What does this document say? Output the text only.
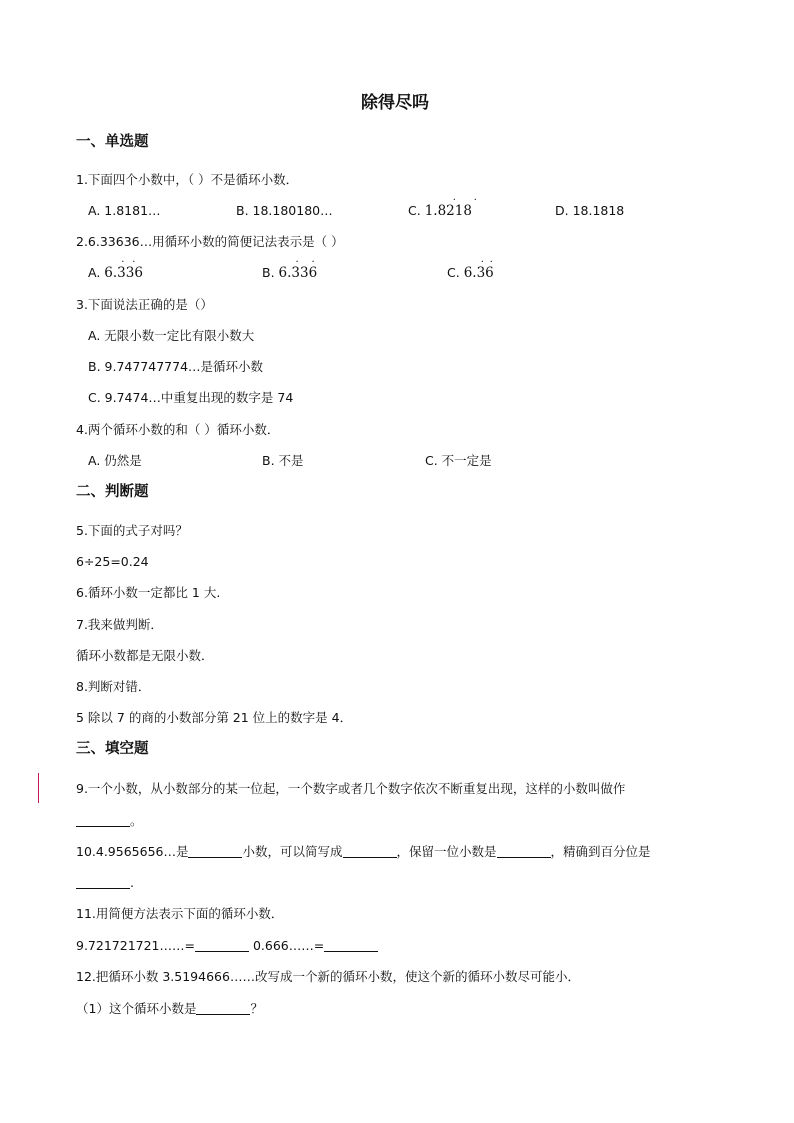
除得尽吗
一、单选题
1.下面四个小数中，（ ）不是循环小数．
A. 1.8181…	B. 18.180180…	C.
· ·
1.8218	D. 18.1818
2.6.33636…用循环小数的简便记法表示是（ ）
A.
· ·
6.336	B.
· ·
6.336	C.
· ·
6.36
3.下面说法正确的是（）
A. 无限小数一定比有限小数大
B. 9.747747774…是循环小数
C. 9.7474…中重复出现的数字是 74
4.两个循环小数的和（ ）循环小数．
A. 仍然是	B. 不是	C. 不一定是
二、判断题
5.下面的式子对吗？
6÷25=0.24
6.循环小数一定都比 1 大.
7.我来做判断．
循环小数都是无限小数．
8.判断对错．
5 除以 7 的商的小数部分第 21 位上的数字是 4．
三、填空题
9.一个小数，从小数部分的某一位起，一个数字或者几个数字依次不断重复出现，这样的小数叫做作
。
10.4.9565656…是	小数，可以简写成	，保留一位小数是	，精确到百分位是
.
11.用简便方法表示下面的循环小数．
9.721721721……=	0.666……=
12.把循环小数 3.5194666……改写成一个新的循环小数，使这个新的循环小数尽可能小．
（1）这个循环小数是	？
